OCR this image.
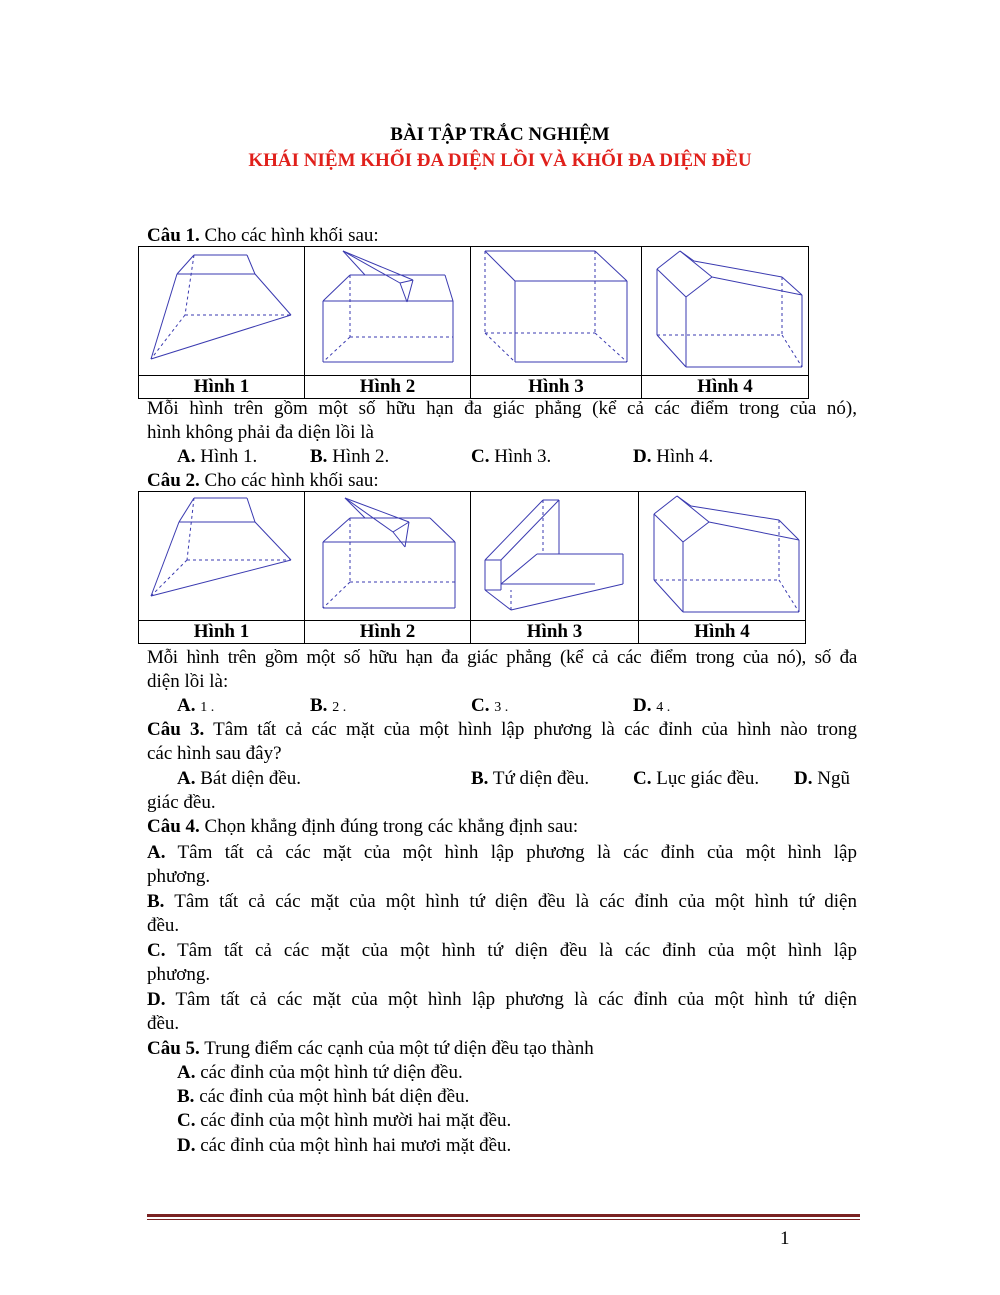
BÀI TẬP TRẮC NGHIỆM
KHÁI NIỆM KHỐI ĐA DIỆN LỒI VÀ KHỐI ĐA DIỆN ĐỀU
Câu 1. Cho các hình khối sau:

Hình 1	Hình 2	Hình 3	Hình 4
Mỗi hình trên gồm một số hữu hạn đa giác phẳng (kể cả các điểm trong của nó),
hình không phải đa diện lồi là
A. Hình 1.	B. Hình 2.	C. Hình 3.	D. Hình 4.
Câu 2. Cho các hình khối sau:

Hình 1	Hình 2	Hình 3	Hình 4
Mỗi hình trên gồm một số hữu hạn đa giác phẳng (kể cả các điểm trong của nó), số đa
diện lồi là:
A. 1 .	B. 2 .	C. 3 .	D. 4 .
Câu 3. Tâm tất cả các mặt của một hình lập phương là các đỉnh của hình nào trong
các hình sau đây?
A. Bát diện đều.	B. Tứ diện đều. C. Lục giác đều. D. Ngũ
giác đều.
Câu 4. Chọn khẳng định đúng trong các khẳng định sau:
A. Tâm tất cả các mặt của một hình lập phương là các đỉnh của một hình lập
phương.
B. Tâm tất cả các mặt của một hình tứ diện đều là các đỉnh của một hình tứ diện
đều.
C. Tâm tất cả các mặt của một hình tứ diện đều là các đỉnh của một hình lập
phương.
D. Tâm tất cả các mặt của một hình lập phương là các đỉnh của một hình tứ diện
đều.
Câu 5. Trung điểm các cạnh của một tứ diện đều tạo thành
A. các đỉnh của một hình tứ diện đều.
B. các đỉnh của một hình bát diện đều.
C. các đỉnh của một hình mười hai mặt đều.
D. các đỉnh của một hình hai mươi mặt đều.
1
